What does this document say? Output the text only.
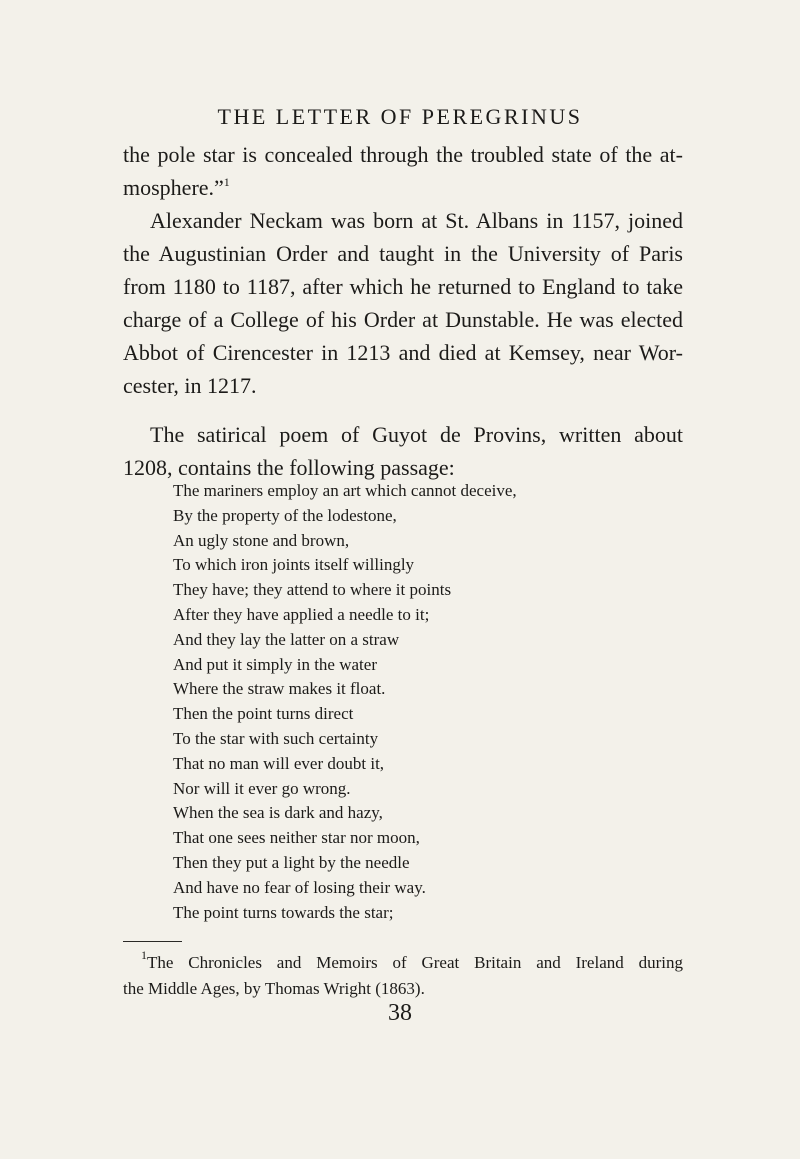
THE LETTER OF PEREGRINUS

the pole star is concealed through the troubled state of the at-
mosphere.”$^1$

Alexander Neckam was born at St. Albans in 1157, joined
the Augustinian Order and taught in the University of Paris
from 1180 to 1187, after which he returned to England to take
charge of a College of his Order at Dunstable. He was elected
Abbot of Cirencester in 1213 and died at Kemsey, near Wor-
cester, in 1217.

The satirical poem of Guyot de Provins, written about
1208, contains the following passage:

The mariners employ an art which cannot deceive,
By the property of the lodestone,
An ugly stone and brown,
To which iron joints itself willingly
They have; they attend to where it points
After they have applied a needle to it;
And they lay the latter on a straw
And put it simply in the water
Where the straw makes it float.
Then the point turns direct
To the star with such certainty
That no man will ever doubt it,
Nor will it ever go wrong.
When the sea is dark and hazy,
That one sees neither star nor moon,
Then they put a light by the needle
And have no fear of losing their way.
The point turns towards the star;
$^1$The Chronicles and Memoirs of Great Britain and Ireland during
the Middle Ages, by Thomas Wright (1863).
38
